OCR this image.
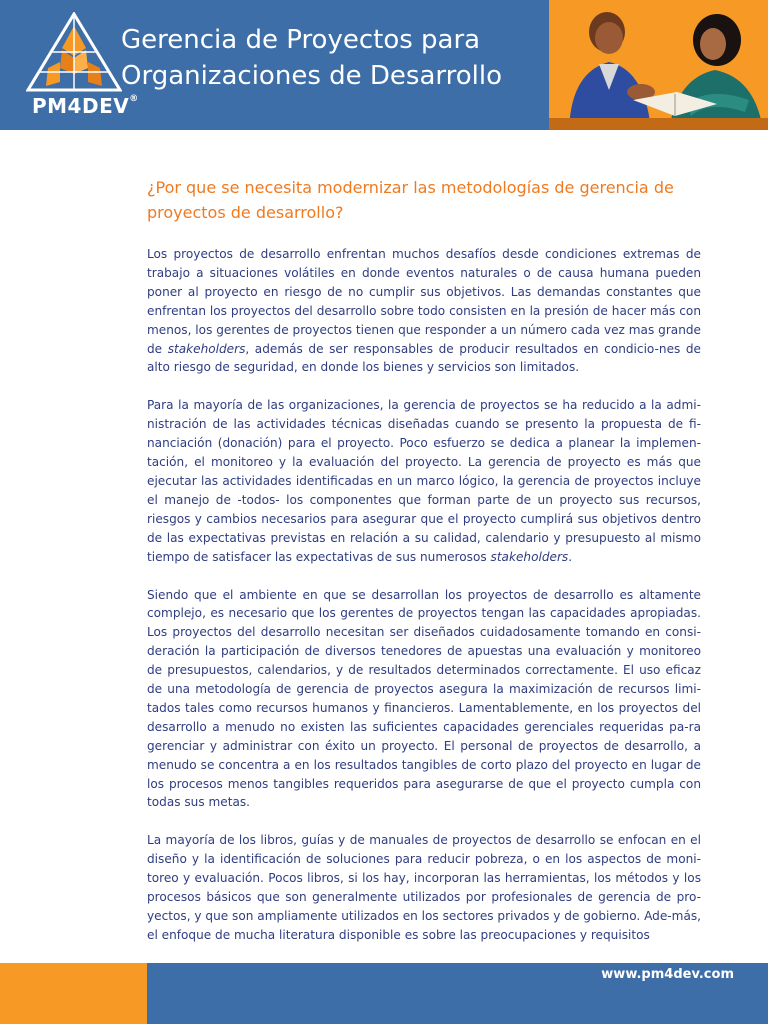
PM4DEV®
Gerencia de Proyectos para
Organizaciones de Desarrollo
¿Por que se necesita modernizar las metodologías de gerencia de proyectos de desarrollo?

Los proyectos de desarrollo enfrentan muchos desafíos desde condiciones extremas de trabajo a situaciones volátiles en donde eventos naturales o de causa humana pueden poner al proyecto en riesgo de no cumplir sus objetivos. Las demandas constantes que enfrentan los proyectos del desarrollo sobre todo consisten en la presión de hacer más con menos, los gerentes de proyectos tienen que responder a un número cada vez mas grande de stakeholders, además de ser responsables de producir resultados en condicio-nes de alto riesgo de seguridad, en donde los bienes y servicios son limitados.

Para la mayoría de las organizaciones, la gerencia de proyectos se ha reducido a la admi-nistración de las actividades técnicas diseñadas cuando se presento la propuesta de fi-nanciación (donación) para el proyecto. Poco esfuerzo se dedica a planear la implemen-tación, el monitoreo y la evaluación del proyecto. La gerencia de proyecto es más que ejecutar las actividades identificadas en un marco lógico, la gerencia de proyectos incluye el manejo de -todos- los componentes que forman parte de un proyecto sus recursos, riesgos y cambios necesarios para asegurar que el proyecto cumplirá sus objetivos dentro de las expectativas previstas en relación a su calidad, calendario y presupuesto al mismo tiempo de satisfacer las expectativas de sus numerosos stakeholders.

Siendo que el ambiente en que se desarrollan los proyectos de desarrollo es altamente complejo, es necesario que los gerentes de proyectos tengan las capacidades apropiadas. Los proyectos del desarrollo necesitan ser diseñados cuidadosamente tomando en consi-deración la participación de diversos tenedores de apuestas una evaluación y monitoreo de presupuestos, calendarios, y de resultados determinados correctamente. El uso eficaz de una metodología de gerencia de proyectos asegura la maximización de recursos limi-tados tales como recursos humanos y financieros. Lamentablemente, en los proyectos del desarrollo a menudo no existen las suficientes capacidades gerenciales requeridas pa-ra gerenciar y administrar con éxito un proyecto. El personal de proyectos de desarrollo, a menudo se concentra a en los resultados tangibles de corto plazo del proyecto en lugar de los procesos menos tangibles requeridos para asegurarse de que el proyecto cumpla con todas sus metas.

La mayoría de los libros, guías y de manuales de proyectos de desarrollo se enfocan en el diseño y la identificación de soluciones para reducir pobreza, o en los aspectos de moni-toreo y evaluación. Pocos libros, si los hay, incorporan las herramientas, los métodos y los procesos básicos que son generalmente utilizados por profesionales de gerencia de pro-yectos, y que son ampliamente utilizados en los sectores privados y de gobierno. Ade-más, el enfoque de mucha literatura disponible es sobre las preocupaciones y requisitos

www.pm4dev.com
